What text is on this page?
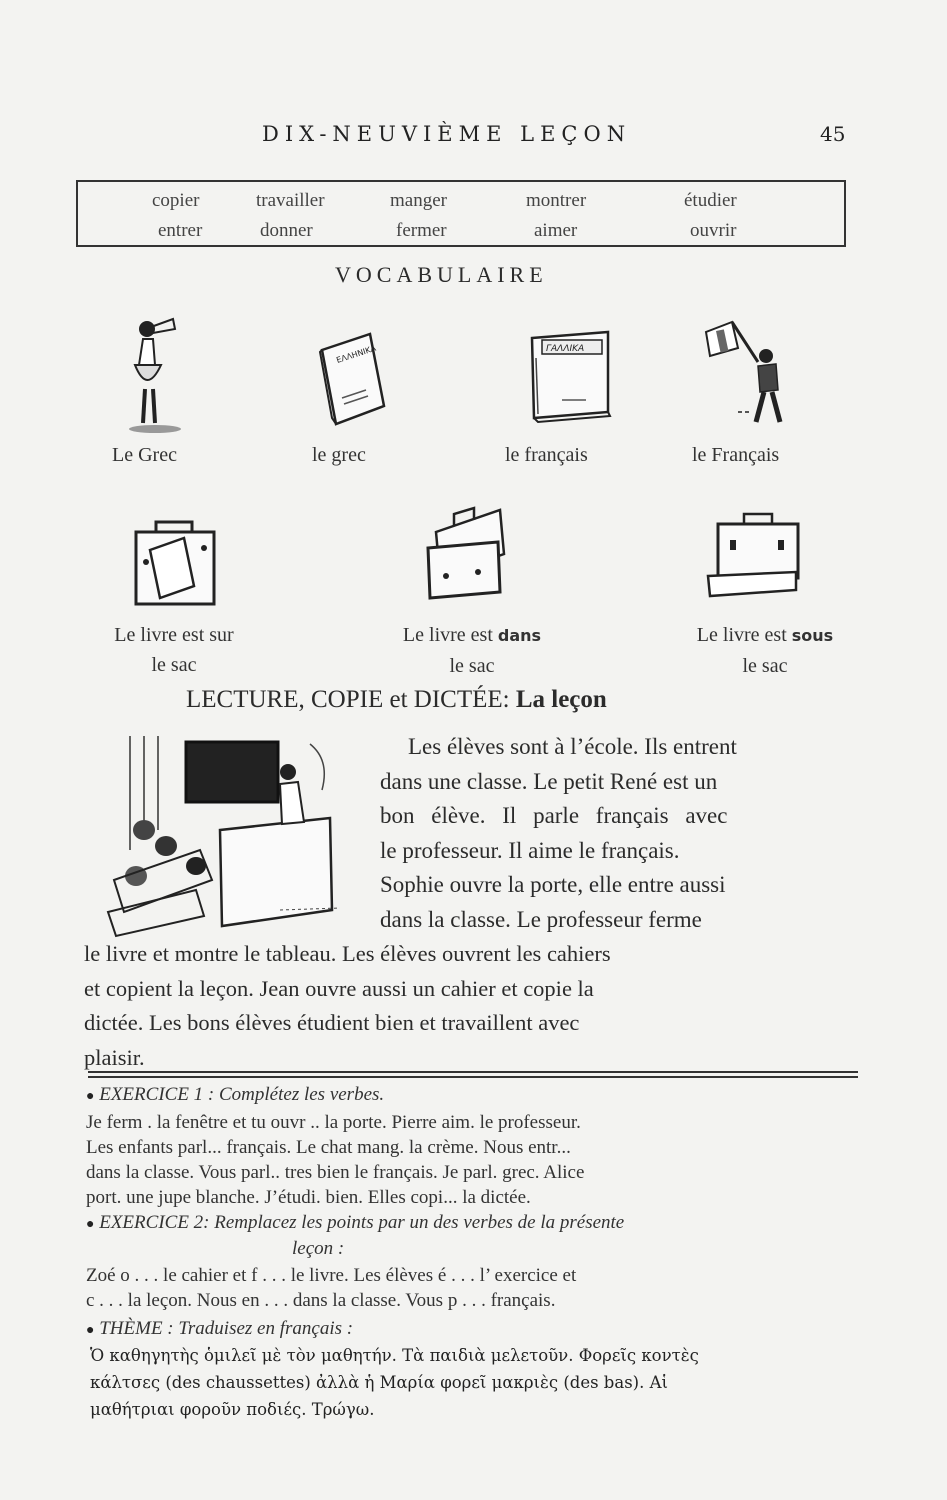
DIX-NEUVIÈME LEÇON	45
copier	travailler	manger	montrer	étudier
entrer	donner	fermer	aimer	ouvrir
VOCABULAIRE
ΕΛΛΗΝΙΚΑ	ΓΑΛΛΙΚΑ
Le Grec	le grec	le français	le Français
Le livre est sur
le sac
Le livre est dans
le sac
Le livre est sous
le sac
LECTURE, COPIE et DICTÉE: La leçon
Les élèves sont à l’école. Ils entrent
dans une classe. Le petit René est un
bon élève. Il parle français avec
le professeur. Il aime le français.
Sophie ouvre la porte, elle entre aussi
dans la classe. Le professeur ferme
le livre et montre le tableau. Les élèves ouvrent les cahiers
et copient la leçon. Jean ouvre aussi un cahier et copie la
dictée. Les bons élèves étudient bien et travaillent avec
plaisir.
● EXERCICE 1 : Complétez les verbes.
Je ferm . la fenêtre et tu ouvr .. la porte. Pierre aim. le professeur.
Les enfants parl... français. Le chat mang. la crème. Nous entr...
dans la classe. Vous parl.. tres bien le français. Je parl. grec. Alice
port. une jupe blanche. J’étudi. bien. Elles copi... la dictée.
● EXERCICE 2: Remplacez les points par un des verbes de la présente
leçon :
Zoé o . . . le cahier et f . . . le livre. Les élèves é . . . l’ exercice et
c . . . la leçon. Nous en . . . dans la classe. Vous p . . . français.
● THÈME : Traduisez en français :
Ὁ καθηγητὴς ὁμιλεῖ μὲ τὸν μαθητήν. Τὰ παιδιὰ μελετοῦν. Φορεῖς κοντὲς
κάλτσες (des chaussettes) ἀλλὰ ἡ Μαρία φορεῖ μακριὲς (des bas). Αἱ
μαθήτριαι φοροῦν ποδιές. Τρώγω.
